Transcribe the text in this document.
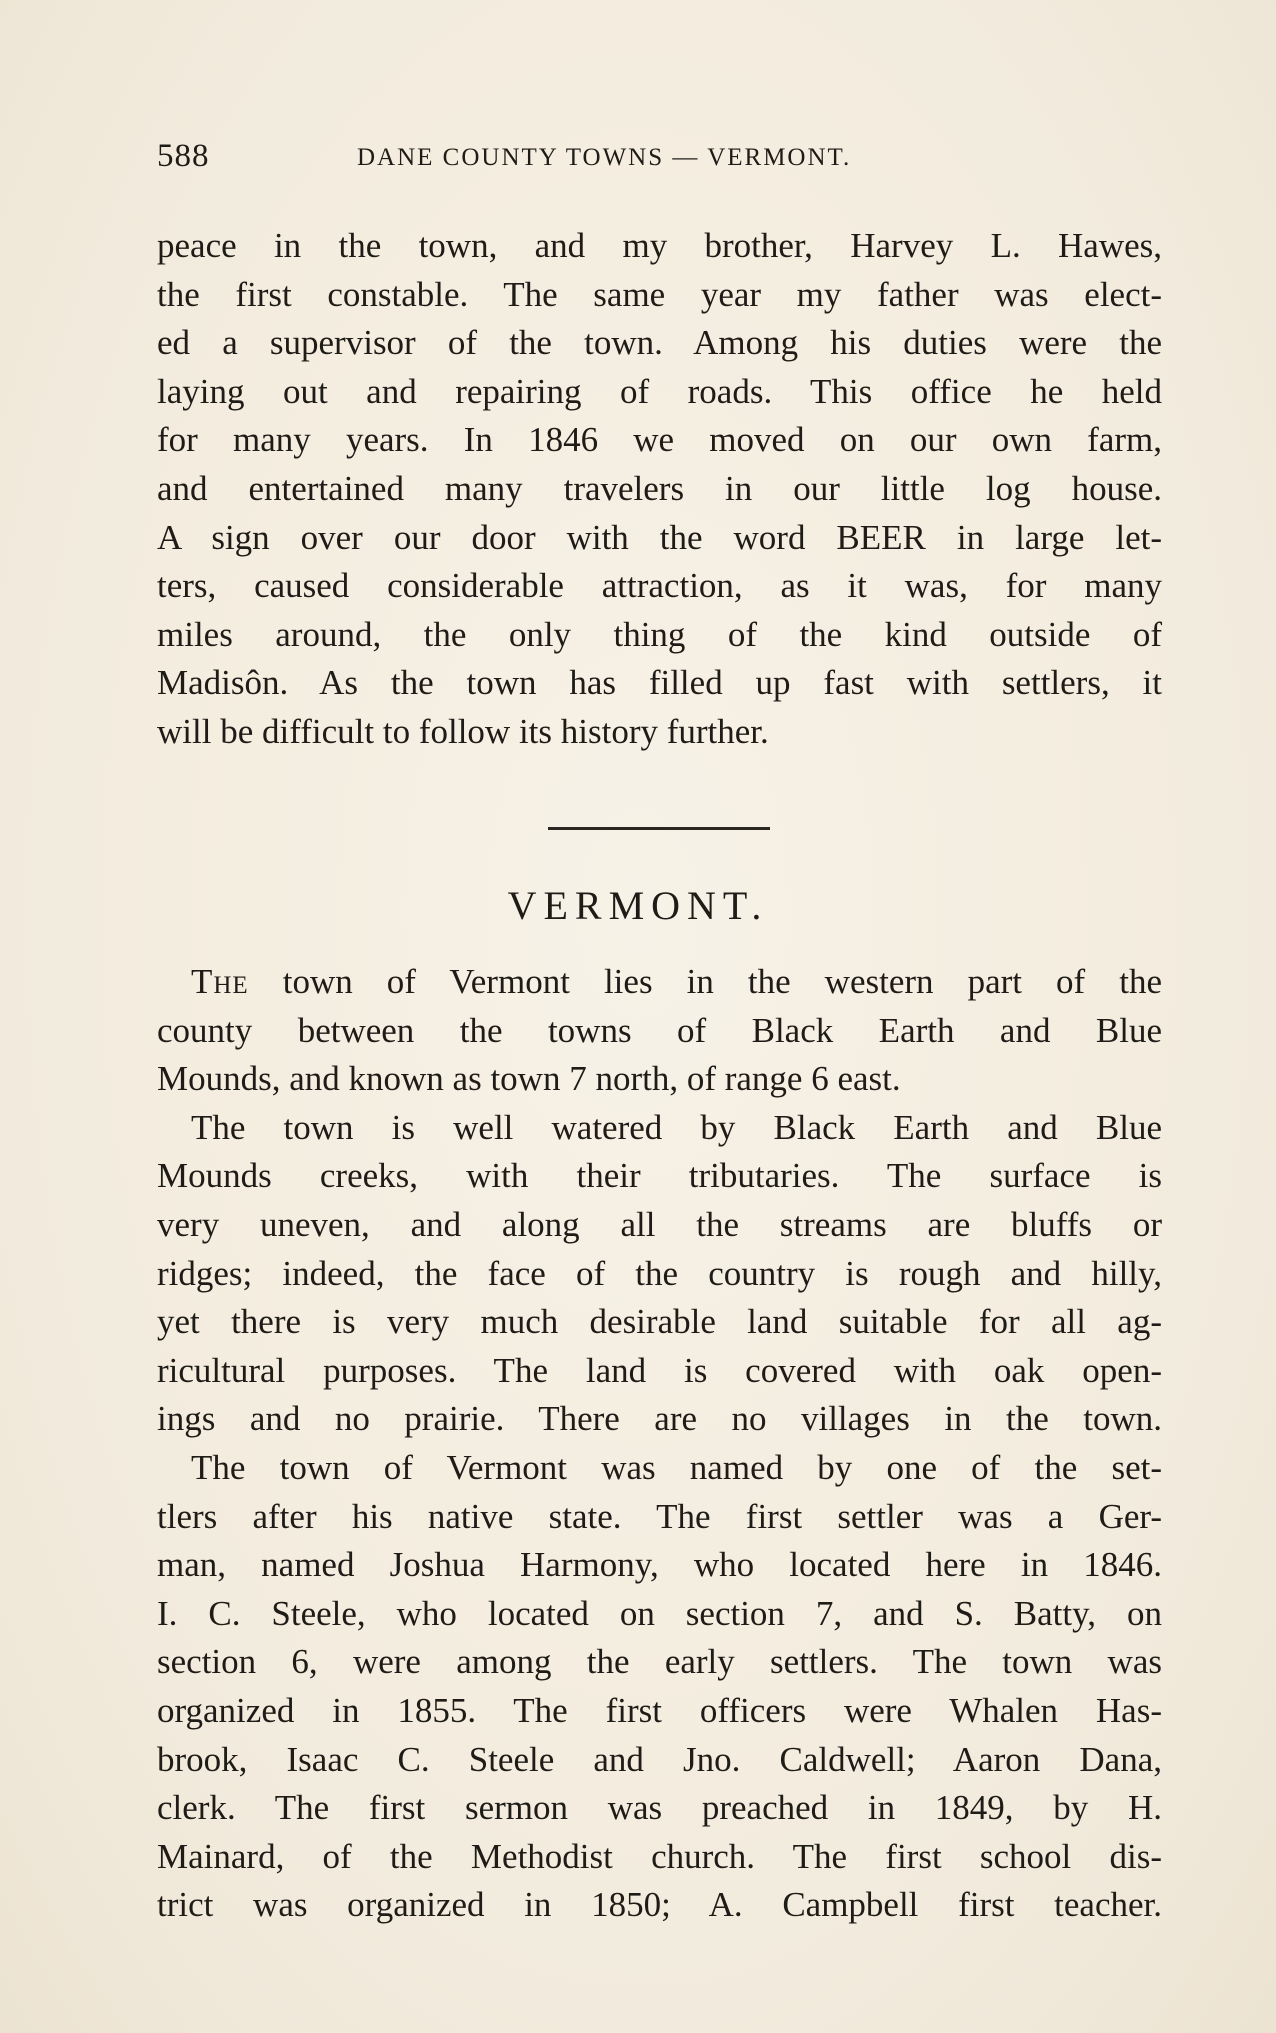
588	DANE COUNTY TOWNS — VERMONT.
peace in the town, and my brother, Harvey L. Hawes,
the first constable. The same year my father was elect-
ed a supervisor of the town. Among his duties were the
laying out and repairing of roads. This office he held
for many years. In 1846 we moved on our own farm,
and entertained many travelers in our little log house.
A sign over our door with the word BEER in large let-
ters, caused considerable attraction, as it was, for many
miles around, the only thing of the kind outside of
Madisôn. As the town has filled up fast with settlers, it
will be difficult to follow its history further.
VERMONT.
The town of Vermont lies in the western part of the
county between the towns of Black Earth and Blue
Mounds, and known as town 7 north, of range 6 east.
The town is well watered by Black Earth and Blue
Mounds creeks, with their tributaries. The surface is
very uneven, and along all the streams are bluffs or
ridges; indeed, the face of the country is rough and hilly,
yet there is very much desirable land suitable for all ag-
ricultural purposes. The land is covered with oak open-
ings and no prairie. There are no villages in the town.
The town of Vermont was named by one of the set-
tlers after his native state. The first settler was a Ger-
man, named Joshua Harmony, who located here in 1846.
I. C. Steele, who located on section 7, and S. Batty, on
section 6, were among the early settlers. The town was
organized in 1855. The first officers were Whalen Has-
brook, Isaac C. Steele and Jno. Caldwell; Aaron Dana,
clerk. The first sermon was preached in 1849, by H.
Mainard, of the Methodist church. The first school dis-
trict was organized in 1850; A. Campbell first teacher.
